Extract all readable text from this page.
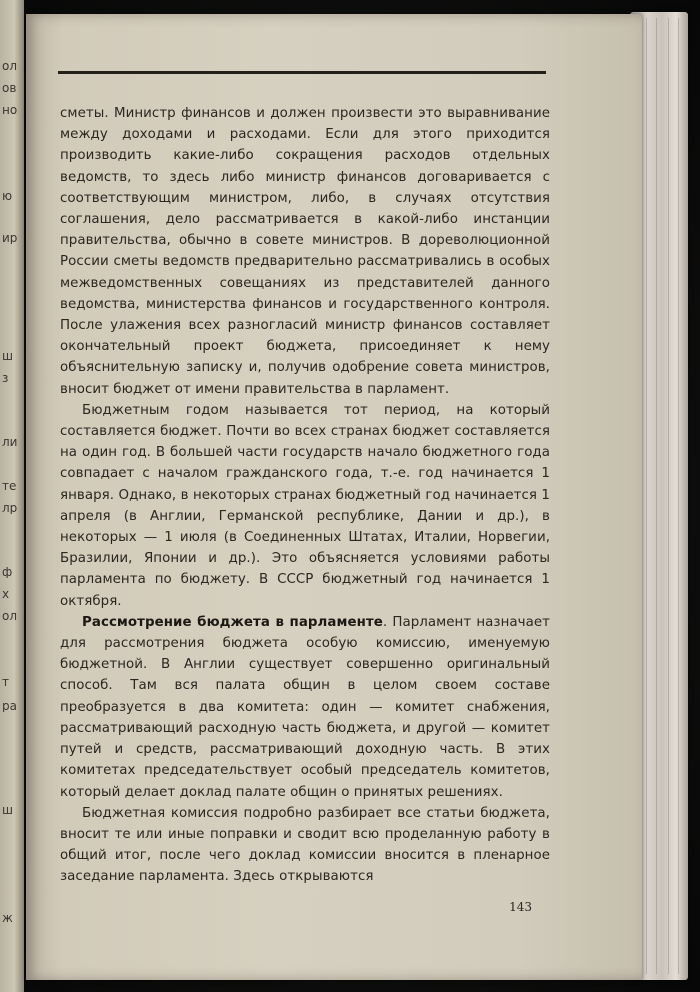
ол
ов
но
ю
ир
ш
з
ли
те
лр
ф
х
ол
т
ра
ш
ж

сметы. Министр финансов и должен произвести это выравнивание между доходами и расходами. Если для этого приходится производить какие-либо сокращения расходов отдельных ведомств, то здесь либо министр финансов договаривается с соответствующим министром, либо, в случаях отсутствия соглашения, дело рассматривается в какой-либо инстанции правительства, обычно в совете министров. В дореволюционной России сметы ведомств предварительно рассматривались в особых межведомственных совещаниях из представителей данного ведомства, министерства финансов и государственного контроля. После улажения всех разногласий министр финансов составляет окончательный проект бюджета, присоединяет к нему объяснительную записку и, получив одобрение совета министров, вносит бюджет от имени правительства в парламент.

Бюджетным годом называется тот период, на который составляется бюджет. Почти во всех странах бюджет составляется на один год. В большей части государств начало бюджетного года совпадает с началом гражданского года, т.-е. год начинается 1 января. Однако, в некоторых странах бюджетный год начинается 1 апреля (в Англии, Германской республике, Дании и др.), в некоторых — 1 июля (в Соединенных Штатах, Италии, Норвегии, Бразилии, Японии и др.). Это объясняется условиями работы парламента по бюджету. В СССР бюджетный год начинается 1 октября.

Рассмотрение бюджета в парламенте. Парламент назначает для рассмотрения бюджета особую комиссию, именуемую бюджетной. В Англии существует совершенно оригинальный способ. Там вся палата общин в целом своем составе преобразуется в два комитета: один — комитет снабжения, рассматривающий расходную часть бюджета, и другой — комитет путей и средств, рассматривающий доходную часть. В этих комитетах председательствует особый председатель комитетов, который делает доклад палате общин о принятых решениях.

Бюджетная комиссия подробно разбирает все статьи бюджета, вносит те или иные поправки и сводит всю проделанную работу в общий итог, после чего доклад комиссии вносится в пленарное заседание парламента. Здесь открываются

143
